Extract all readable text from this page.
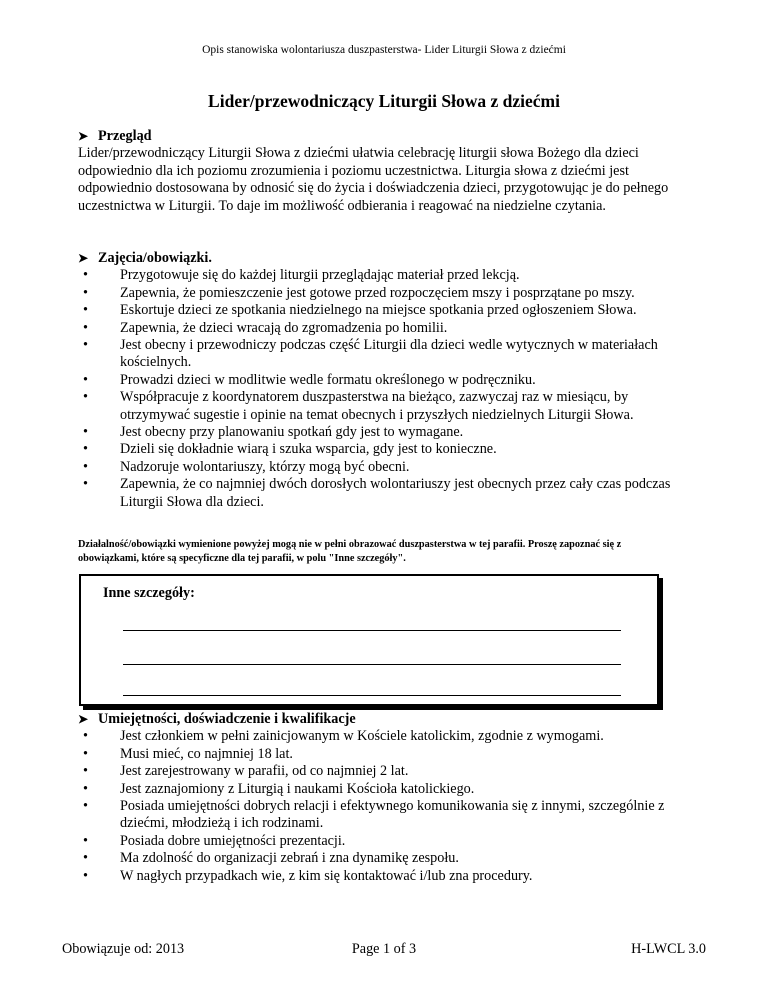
Opis stanowiska wolontariusza duszpasterstwa- Lider Liturgii Słowa z dziećmi
Lider/przewodniczący Liturgii Słowa z dziećmi
➤ Przegląd

Lider/przewodniczący Liturgii Słowa z dziećmi ułatwia celebrację liturgii słowa Bożego dla dzieci odpowiednio dla ich poziomu zrozumienia i poziomu uczestnictwa. Liturgia słowa z dziećmi jest odpowiednio dostosowana by odnosić się do życia i doświadczenia dzieci, przygotowując je do pełnego uczestnictwa w Liturgii. To daje im możliwość odbierania i reagować na niedzielne czytania.

➤ Zajęcia/obowiązki.
• Przygotowuje się do każdej liturgii przeglądając materiał przed lekcją.
• Zapewnia, że pomieszczenie jest gotowe przed rozpoczęciem mszy i posprzątane po mszy.
• Eskortuje dzieci ze spotkania niedzielnego na miejsce spotkania przed ogłoszeniem Słowa.
• Zapewnia, że dzieci wracają do zgromadzenia po homilii.
• Jest obecny i przewodniczy podczas część Liturgii dla dzieci wedle wytycznych w materiałach kościelnych.
• Prowadzi dzieci w modlitwie wedle formatu określonego w podręczniku.
• Współpracuje z koordynatorem duszpasterstwa na bieżąco, zazwyczaj raz w miesiącu, by otrzymywać sugestie i opinie na temat obecnych i przyszłych niedzielnych Liturgii Słowa.
• Jest obecny przy planowaniu spotkań gdy jest to wymagane.
• Dzieli się dokładnie wiarą i szuka wsparcia, gdy jest to konieczne.
• Nadzoruje wolontariuszy, którzy mogą być obecni.
• Zapewnia, że co najmniej dwóch dorosłych wolontariuszy jest obecnych przez cały czas podczas Liturgii Słowa dla dzieci.
Działalność/obowiązki wymienione powyżej mogą nie w pełni obrazować duszpasterstwa w tej parafii. Proszę zapoznać się z obowiązkami, które są specyficzne dla tej parafii, w polu "Inne szczegóły".
Inne szczegóły:
➤ Umiejętności, doświadczenie i kwalifikacje
• Jest członkiem w pełni zainicjowanym w Kościele katolickim, zgodnie z wymogami.
• Musi mieć, co najmniej 18 lat.
• Jest zarejestrowany w parafii, od co najmniej 2 lat.
• Jest zaznajomiony z Liturgią i naukami Kościoła katolickiego.
• Posiada umiejętności dobrych relacji i efektywnego komunikowania się z innymi, szczególnie z dziećmi, młodzieżą i ich rodzinami.
• Posiada dobre umiejętności prezentacji.
• Ma zdolność do organizacji zebrań i zna dynamikę zespołu.
• W nagłych przypadkach wie, z kim się kontaktować i/lub zna procedury.
Obowiązuje od: 2013	Page 1 of 3	H-LWCL 3.0
